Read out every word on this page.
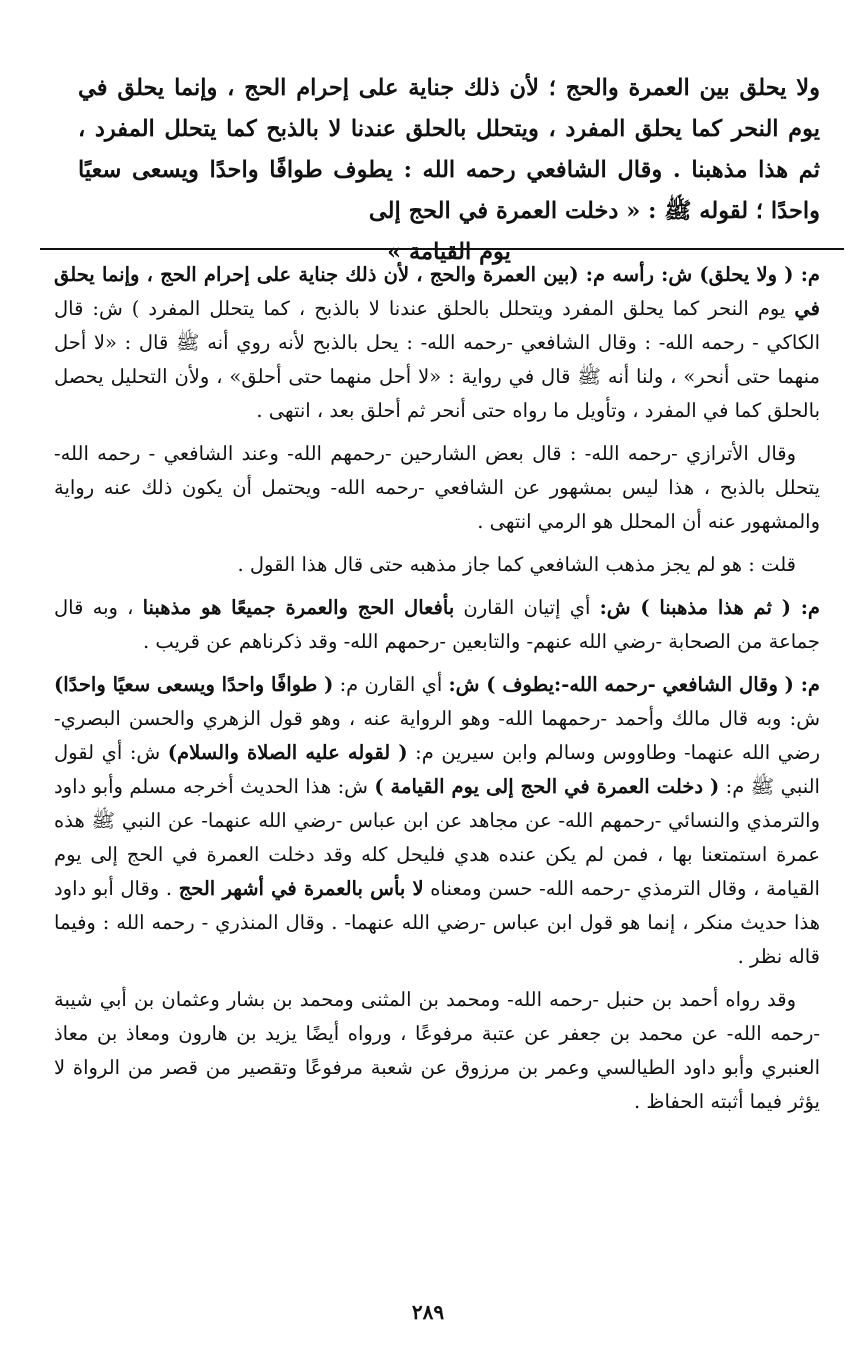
ولا يحلق بين العمرة والحج ؛ لأن ذلك جناية على إحرام الحج ، وإنما يحلق في يوم النحر كما يحلق المفرد ، ويتحلل بالحلق عندنا لا بالذبح كما يتحلل المفرد ، ثم هذا مذهبنا . وقال الشافعي رحمه الله : يطوف طوافًا واحدًا ويسعى سعيًا واحدًا ؛ لقوله ﷺ : « دخلت العمرة في الحج إلى

يوم القيامة »

م: ( ولا يحلق) ش: رأسه م: (بين العمرة والحج ، لأن ذلك جناية على إحرام الحج ، وإنما يحلق في يوم النحر كما يحلق المفرد ويتحلل بالحلق عندنا لا بالذبح ، كما يتحلل المفرد ) ش: قال الكاكي - رحمه الله- : وقال الشافعي -رحمه الله- : يحل بالذبح لأنه روي أنه ﷺ قال : «لا أحل منهما حتى أنحر» ، ولنا أنه ﷺ قال في رواية : «لا أحل منهما حتى أحلق» ، ولأن التحليل يحصل بالحلق كما في المفرد ، وتأويل ما رواه حتى أنحر ثم أحلق بعد ، انتهى .

وقال الأترازي -رحمه الله- : قال بعض الشارحين -رحمهم الله- وعند الشافعي - رحمه الله- يتحلل بالذبح ، هذا ليس بمشهور عن الشافعي -رحمه الله- ويحتمل أن يكون ذلك عنه رواية والمشهور عنه أن المحلل هو الرمي انتهى .

قلت : هو لم يجز مذهب الشافعي كما جاز مذهبه حتى قال هذا القول .

م: ( ثم هذا مذهبنا ) ش: أي إتيان القارن بأفعال الحج والعمرة جميعًا هو مذهبنا ، وبه قال جماعة من الصحابة -رضي الله عنهم- والتابعين -رحمهم الله- وقد ذكرناهم عن قريب .

م: ( وقال الشافعي -رحمه الله-:يطوف ) ش: أي القارن م: ( طوافًا واحدًا ويسعى سعيًا واحدًا) ش: وبه قال مالك وأحمد -رحمهما الله- وهو الرواية عنه ، وهو قول الزهري والحسن البصري-رضي الله عنهما- وطاووس وسالم وابن سيرين م: ( لقوله عليه الصلاة والسلام) ش: أي لقول النبي ﷺ م: ( دخلت العمرة في الحج إلى يوم القيامة ) ش: هذا الحديث أخرجه مسلم وأبو داود والترمذي والنسائي -رحمهم الله- عن مجاهد عن ابن عباس -رضي الله عنهما- عن النبي ﷺ هذه عمرة استمتعنا بها ، فمن لم يكن عنده هدي فليحل كله وقد دخلت العمرة في الحج إلى يوم القيامة ، وقال الترمذي -رحمه الله- حسن ومعناه لا بأس بالعمرة في أشهر الحج . وقال أبو داود هذا حديث منكر ، إنما هو قول ابن عباس -رضي الله عنهما- . وقال المنذري - رحمه الله : وفيما قاله نظر .

وقد رواه أحمد بن حنبل -رحمه الله- ومحمد بن المثنى ومحمد بن بشار وعثمان بن أبي شيبة -رحمه الله- عن محمد بن جعفر عن عتبة مرفوعًا ، ورواه أيضًا يزيد بن هارون ومعاذ بن معاذ العنبري وأبو داود الطيالسي وعمر بن مرزوق عن شعبة مرفوعًا وتقصير من قصر من الرواة لا يؤثر فيما أثبته الحفاظ .

٢٨٩
